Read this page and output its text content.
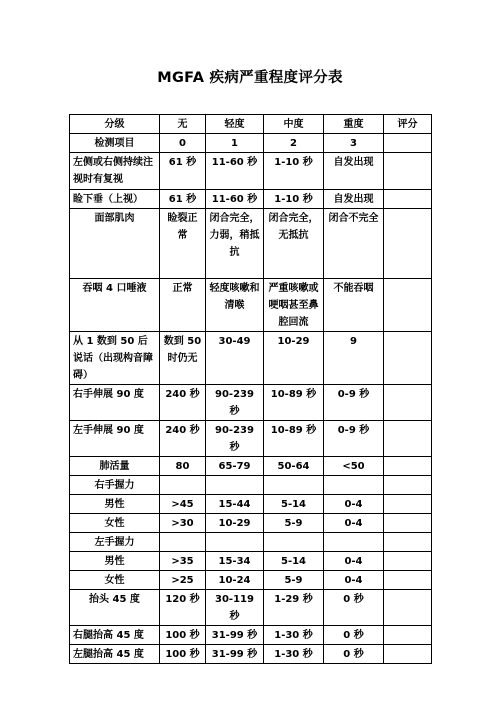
MGFA 疾病严重程度评分表
分级	无	轻度	中度	重度	评分
检测项目	0	1	2	3	
左侧或右侧持续注视时有复视	61 秒	11-60 秒	1-10 秒	自发出现	
睑下垂（上视）	61 秒	11-60 秒	1-10 秒	自发出现	
面部肌肉	睑裂正常	闭合完全，力弱，稍抵抗	闭合完全，无抵抗	闭合不完全	
吞咽 4 口唾液	正常	轻度咳嗽和清喉	严重咳嗽或哽咽甚至鼻腔回流	不能吞咽	
从 1 数到 50 后说话（出现构音障碍）	数到 50 时仍无	30-49	10-29	9	
右手伸展 90 度	240 秒	90-239 秒	10-89 秒	0-9 秒	
左手伸展 90 度	240 秒	90-239 秒	10-89 秒	0-9 秒	
肺活量	80	65-79	50-64	<50	
右手握力					
男性	>45	15-44	5-14	0-4	
女性	>30	10-29	5-9	0-4	
左手握力					
男性	>35	15-34	5-14	0-4	
女性	>25	10-24	5-9	0-4	
抬头 45 度	120 秒	30-119 秒	1-29 秒	0 秒	
右腿抬高 45 度	100 秒	31-99 秒	1-30 秒	0 秒	
左腿抬高 45 度	100 秒	31-99 秒	1-30 秒	0 秒	
